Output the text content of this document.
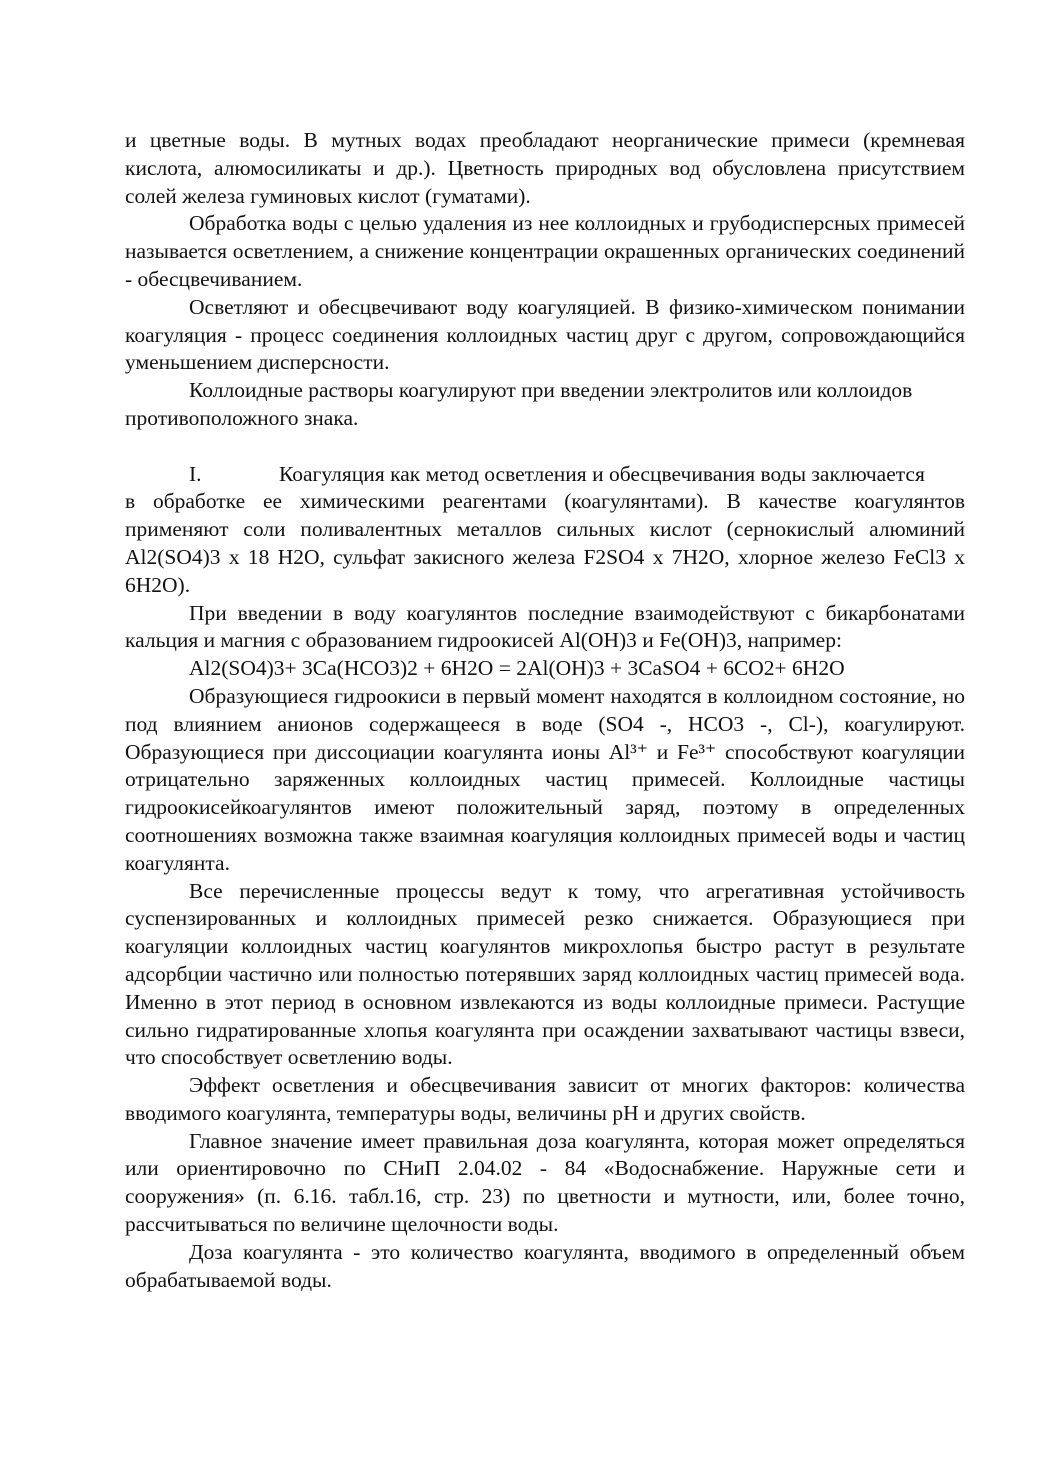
и цветные воды. В мутных водах преобладают неорганические примеси (кремневая кислота, алюмосиликаты и др.). Цветность природных вод обусловлена присутствием солей железа гуминовых кислот (гуматами).

Обработка воды с целью удаления из нее коллоидных и грубодисперсных примесей называется осветлением, а снижение концентрации окрашенных органических соединений - обесцвечиванием.

Осветляют и обесцвечивают воду коагуляцией. В физико-химическом понимании коагуляция - процесс соединения коллоидных частиц друг с другом, сопровождающийся уменьшением дисперсности.

Коллоидные растворы коагулируют при введении электролитов или коллоидов противоположного знака.

I.	Коагуляция как метод осветления и обесцвечивания воды заключается

в обработке ее химическими реагентами (коагулянтами). В качестве коагулянтов применяют соли поливалентных металлов сильных кислот (сернокислый алюминий Al2(SO4)3 x 18 H2O, сульфат закисного железа F2SO4 x 7H2O, хлорное железо FeCl3 x 6H2O).

При введении в воду коагулянтов последние взаимодействуют с бикарбонатами кальция и магния с образованием гидроокисей Al(OH)3 и Fe(OH)3, например:

Al2(SO4)3+ 3Ca(HCO3)2 + 6H2O = 2Al(OH)3 + 3CaSO4 + 6CO2+ 6H2O

Образующиеся гидроокиси в первый момент находятся в коллоидном состояние, но под влиянием анионов содержащееся в воде (SO4 -, HCO3 -, Cl-), коагулируют. Образующиеся при диссоциации коагулянта ионы Al³⁺ и Fe³⁺ способствуют коагуляции отрицательно заряженных коллоидных частиц примесей. Коллоидные частицы гидроокисейкоагулянтов имеют положительный заряд, поэтому в определенных соотношениях возможна также взаимная коагуляция коллоидных примесей воды и частиц коагулянта.

Все перечисленные процессы ведут к тому, что агрегативная устойчивость суспензированных и коллоидных примесей резко снижается. Образующиеся при коагуляции коллоидных частиц коагулянтов микрохлопья быстро растут в результате адсорбции частично или полностью потерявших заряд коллоидных частиц примесей вода. Именно в этот период в основном извлекаются из воды коллоидные примеси. Растущие сильно гидратированные хлопья коагулянта при осаждении захватывают частицы взвеси, что способствует осветлению воды.

Эффект осветления и обесцвечивания зависит от многих факторов: количества вводимого коагулянта, температуры воды, величины pH и других свойств.

Главное значение имеет правильная доза коагулянта, которая может определяться или ориентировочно по СНиП 2.04.02 - 84 «Водоснабжение. Наружные сети и сооружения» (п. 6.16. табл.16, стр. 23) по цветности и мутности, или, более точно, рассчитываться по величине щелочности воды.

Доза коагулянта - это количество коагулянта, вводимого в определенный объем обрабатываемой воды.
